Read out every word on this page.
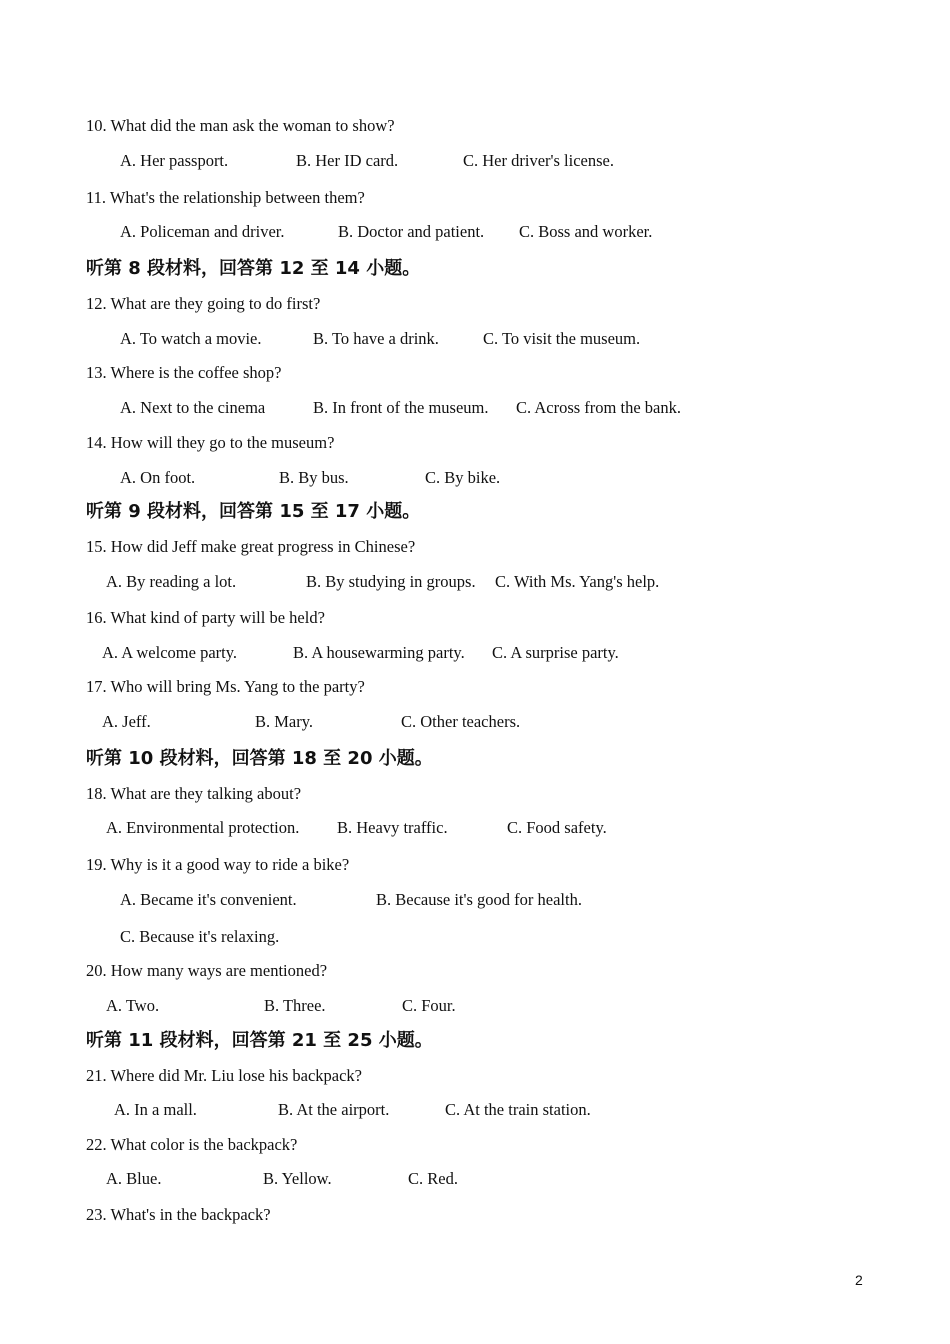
10. What did the man ask the woman to show?
A. Her passport.	B. Her ID card.	C. Her driver's license.
11. What's the relationship between them?
A. Policeman and driver.	B. Doctor and patient. C. Boss and worker.
听第 8 段材料，回答第 12 至 14 小题。
12. What are they going to do first?
A. To watch a movie.	B. To have a drink.	C. To visit the museum.
13. Where is the coffee shop?
A. Next to the cinema	B. In front of the museum. C. Across from the bank.
14. How will they go to the museum?
A. On foot.	B. By bus.	C. By bike.
听第 9 段材料，回答第 15 至 17 小题。
15. How did Jeff make great progress in Chinese?
A. By reading a lot.	B. By studying in groups. C. With Ms. Yang's help.
16. What kind of party will be held?
A. A welcome party.	B. A housewarming party. C. A surprise party.
17. Who will bring Ms. Yang to the party?
A. Jeff.	B. Mary.	C. Other teachers.
听第 10 段材料，回答第 18 至 20 小题。
18. What are they talking about?
A. Environmental protection. B. Heavy traffic.	C. Food safety.
19. Why is it a good way to ride a bike?
A. Became it's convenient.	B. Because it's good for health.
C. Because it's relaxing.
20. How many ways are mentioned?
A. Two.	B. Three.	C. Four.
听第 11 段材料，回答第 21 至 25 小题。
21. Where did Mr. Liu lose his backpack?
A. In a mall.	B. At the airport.	C. At the train station.
22. What color is the backpack?
A. Blue.	B. Yellow.	C. Red.
23. What's in the backpack?
2
